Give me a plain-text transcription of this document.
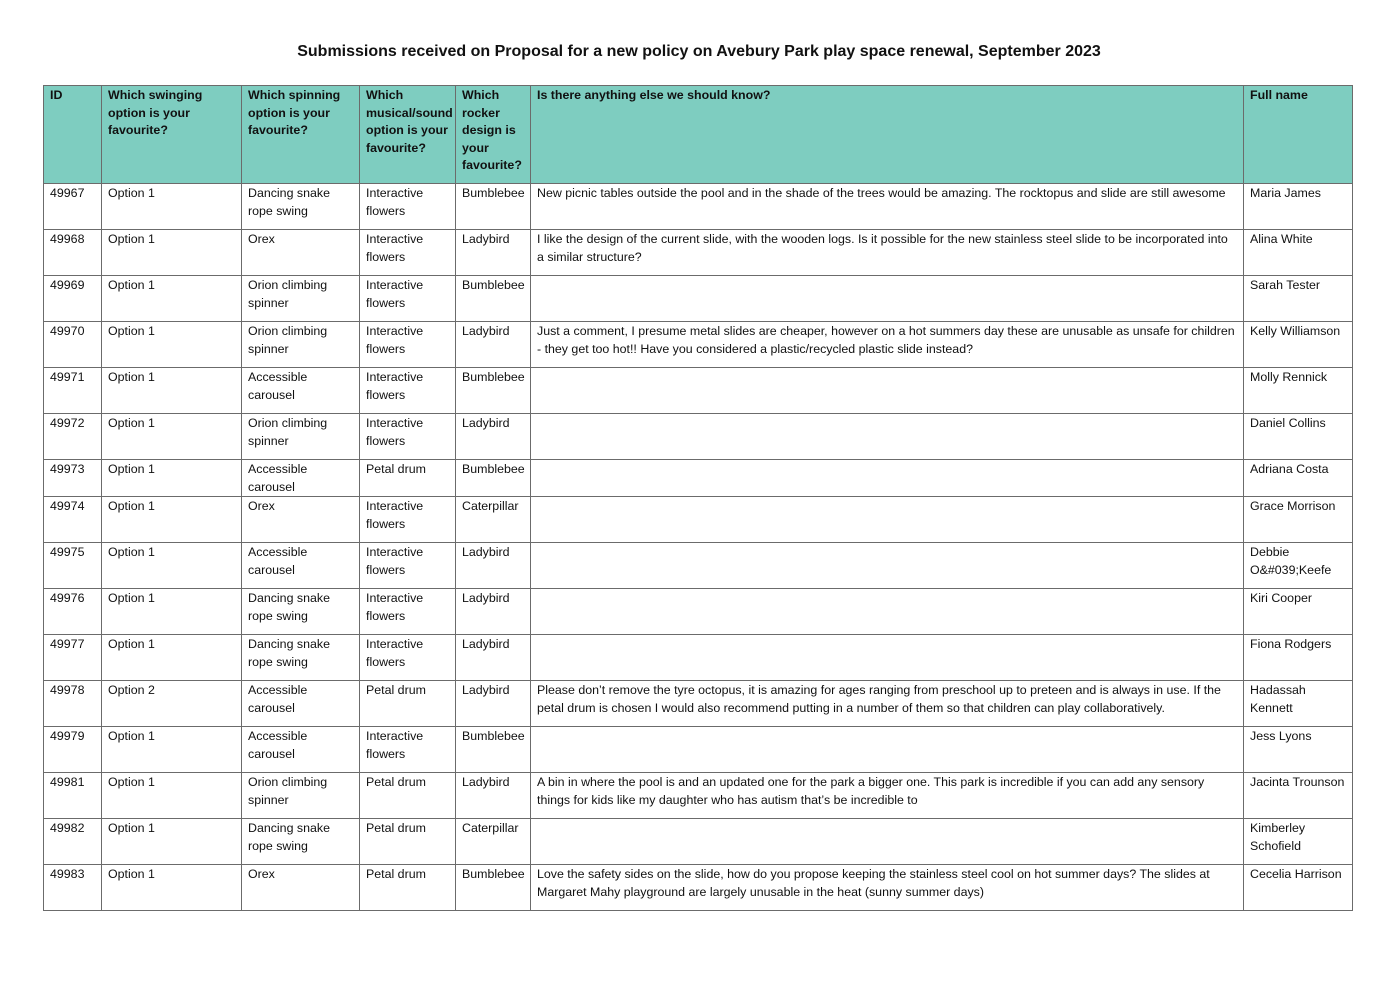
Submissions received on Proposal for a new policy on Avebury Park play space renewal, September 2023
ID	Which swinging option is your favourite?	Which spinning option is your favourite?	Which musical/sound option is your favourite?	Which rocker design is your favourite?	Is there anything else we should know?	Full name
49967	Option 1	Dancing snake rope swing	Interactive flowers	Bumblebee	New picnic tables outside the pool and in the shade of the trees would be amazing. The rocktopus and slide are still awesome	Maria James
49968	Option 1	Orex	Interactive flowers	Ladybird	I like the design of the current slide, with the wooden logs. Is it possible for the new stainless steel slide to be incorporated into a similar structure?	Alina White
49969	Option 1	Orion climbing spinner	Interactive flowers	Bumblebee		Sarah Tester
49970	Option 1	Orion climbing spinner	Interactive flowers	Ladybird	Just a comment, I presume metal slides are cheaper, however on a hot summers day these are unusable as unsafe for children - they get too hot!! Have you considered a plastic/recycled plastic slide instead?	Kelly Williamson
49971	Option 1	Accessible carousel	Interactive flowers	Bumblebee		Molly Rennick
49972	Option 1	Orion climbing spinner	Interactive flowers	Ladybird		Daniel Collins
49973	Option 1	Accessible carousel	Petal drum	Bumblebee		Adriana Costa
49974	Option 1	Orex	Interactive flowers	Caterpillar		Grace Morrison
49975	Option 1	Accessible carousel	Interactive flowers	Ladybird		Debbie O&#039;Keefe
49976	Option 1	Dancing snake rope swing	Interactive flowers	Ladybird		Kiri Cooper
49977	Option 1	Dancing snake rope swing	Interactive flowers	Ladybird		Fiona Rodgers
49978	Option 2	Accessible carousel	Petal drum	Ladybird	Please don’t remove the tyre octopus, it is amazing for ages ranging from preschool up to preteen and is always in use. If the petal drum is chosen I would also recommend putting in a number of them so that children can play collaboratively.	Hadassah Kennett
49979	Option 1	Accessible carousel	Interactive flowers	Bumblebee		Jess Lyons
49981	Option 1	Orion climbing spinner	Petal drum	Ladybird	A bin in where the pool is and an updated one for the park a bigger one. This park is incredible if you can add any sensory things for kids like my daughter who has autism that’s be incredible to	Jacinta Trounson
49982	Option 1	Dancing snake rope swing	Petal drum	Caterpillar		Kimberley Schofield
49983	Option 1	Orex	Petal drum	Bumblebee	Love the safety sides on the slide, how do you propose keeping the stainless steel cool on hot summer days? The slides at Margaret Mahy playground are largely unusable in the heat (sunny summer days)	Cecelia Harrison
